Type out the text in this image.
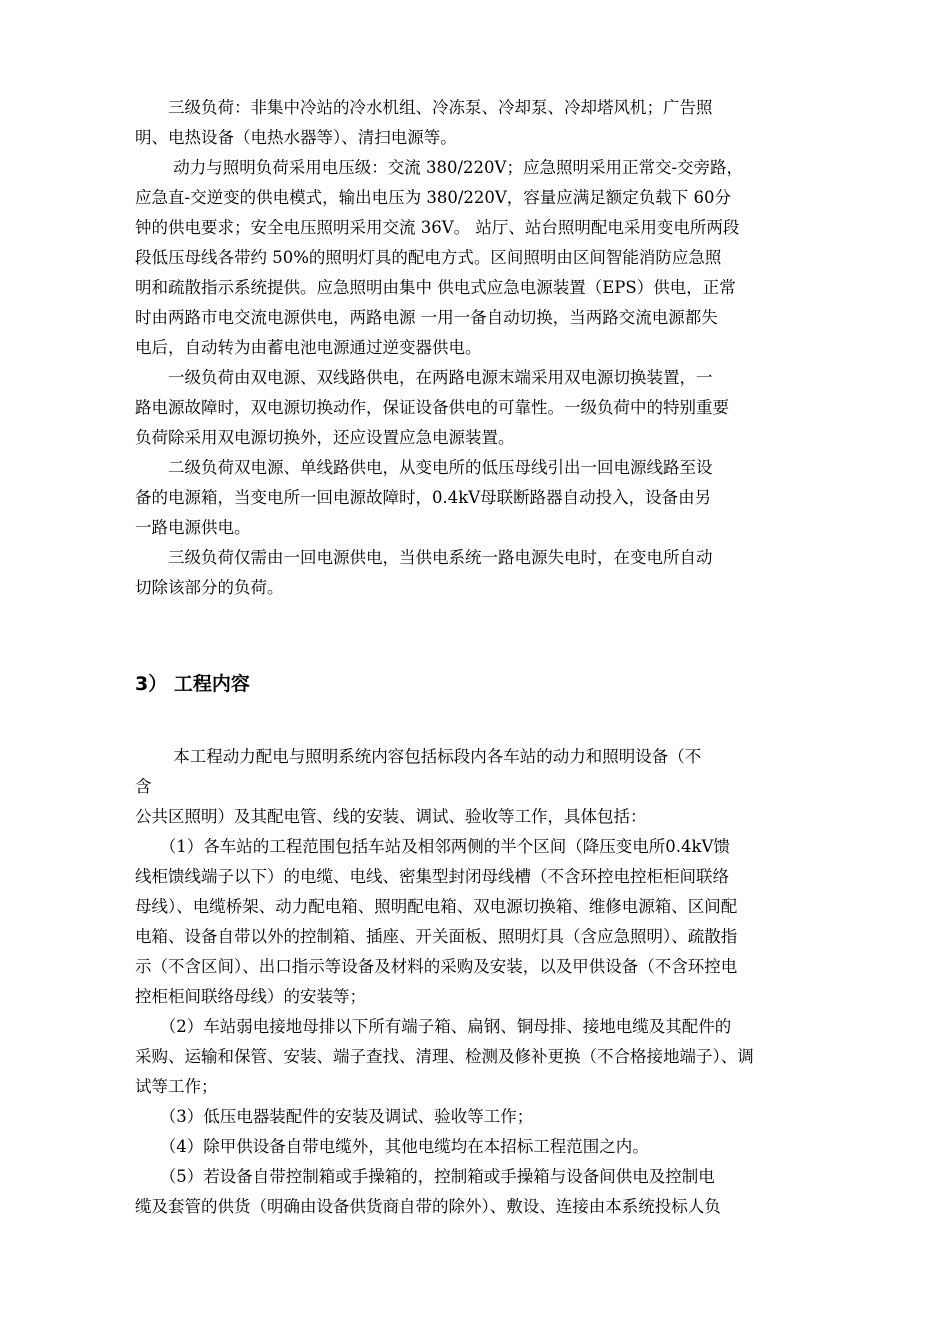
　　三级负荷：非集中冷站的冷水机组、冷冻泵、冷却泵、冷却塔风机；广告照
明、电热设备（电热水器等）、清扫电源等。
　　 动力与照明负荷采用电压级：交流 380/220V；应急照明采用正常交-交旁路，
应急直-交逆变的供电模式，输出电压为 380/220V，容量应满足额定负载下 60分
钟的供电要求；安全电压照明采用交流 36V。 站厅、站台照明配电采用变电所两段
段低压母线各带约 50%的照明灯具的配电方式。区间照明由区间智能消防应急照
明和疏散指示系统提供。应急照明由集中 供电式应急电源装置（EPS）供电，正常
时由两路市电交流电源供电，两路电源 一用一备自动切换，当两路交流电源都失
电后，自动转为由蓄电池电源通过逆变器供电。
　　一级负荷由双电源、双线路供电，在两路电源末端采用双电源切换装置，一
路电源故障时，双电源切换动作，保证设备供电的可靠性。一级负荷中的特别重要
负荷除采用双电源切换外，还应设置应急电源装置。
　　二级负荷双电源、单线路供电，从变电所的低压母线引出一回电源线路至设
备的电源箱，当变电所一回电源故障时，0.4kV母联断路器自动投入，设备由另
一路电源供电。
　　三级负荷仅需由一回电源供电，当供电系统一路电源失电时，在变电所自动
切除该部分的负荷。
3） 工程内容
　　 本工程动力配电与照明系统内容包括标段内各车站的动力和照明设备（不
含
公共区照明）及其配电管、线的安装、调试、验收等工作，具体包括：
　　（1）各车站的工程范围包括车站及相邻两侧的半个区间（降压变电所0.4kV馈
线柜馈线端子以下）的电缆、电线、密集型封闭母线槽（不含环控电控柜柜间联络
母线）、电缆桥架、动力配电箱、照明配电箱、双电源切换箱、维修电源箱、区间配
电箱、设备自带以外的控制箱、插座、开关面板、照明灯具（含应急照明）、疏散指
示（不含区间）、出口指示等设备及材料的采购及安装，以及甲供设备（不含环控电
控柜柜间联络母线）的安装等；
　　（2）车站弱电接地母排以下所有端子箱、扁钢、铜母排、接地电缆及其配件的
采购、运输和保管、安装、端子查找、清理、检测及修补更换（不合格接地端子）、调
试等工作；
　　（3）低压电器装配件的安装及调试、验收等工作；
　　（4）除甲供设备自带电缆外，其他电缆均在本招标工程范围之内。
　　（5）若设备自带控制箱或手操箱的，控制箱或手操箱与设备间供电及控制电
缆及套管的供货（明确由设备供货商自带的除外）、敷设、连接由本系统投标人负
